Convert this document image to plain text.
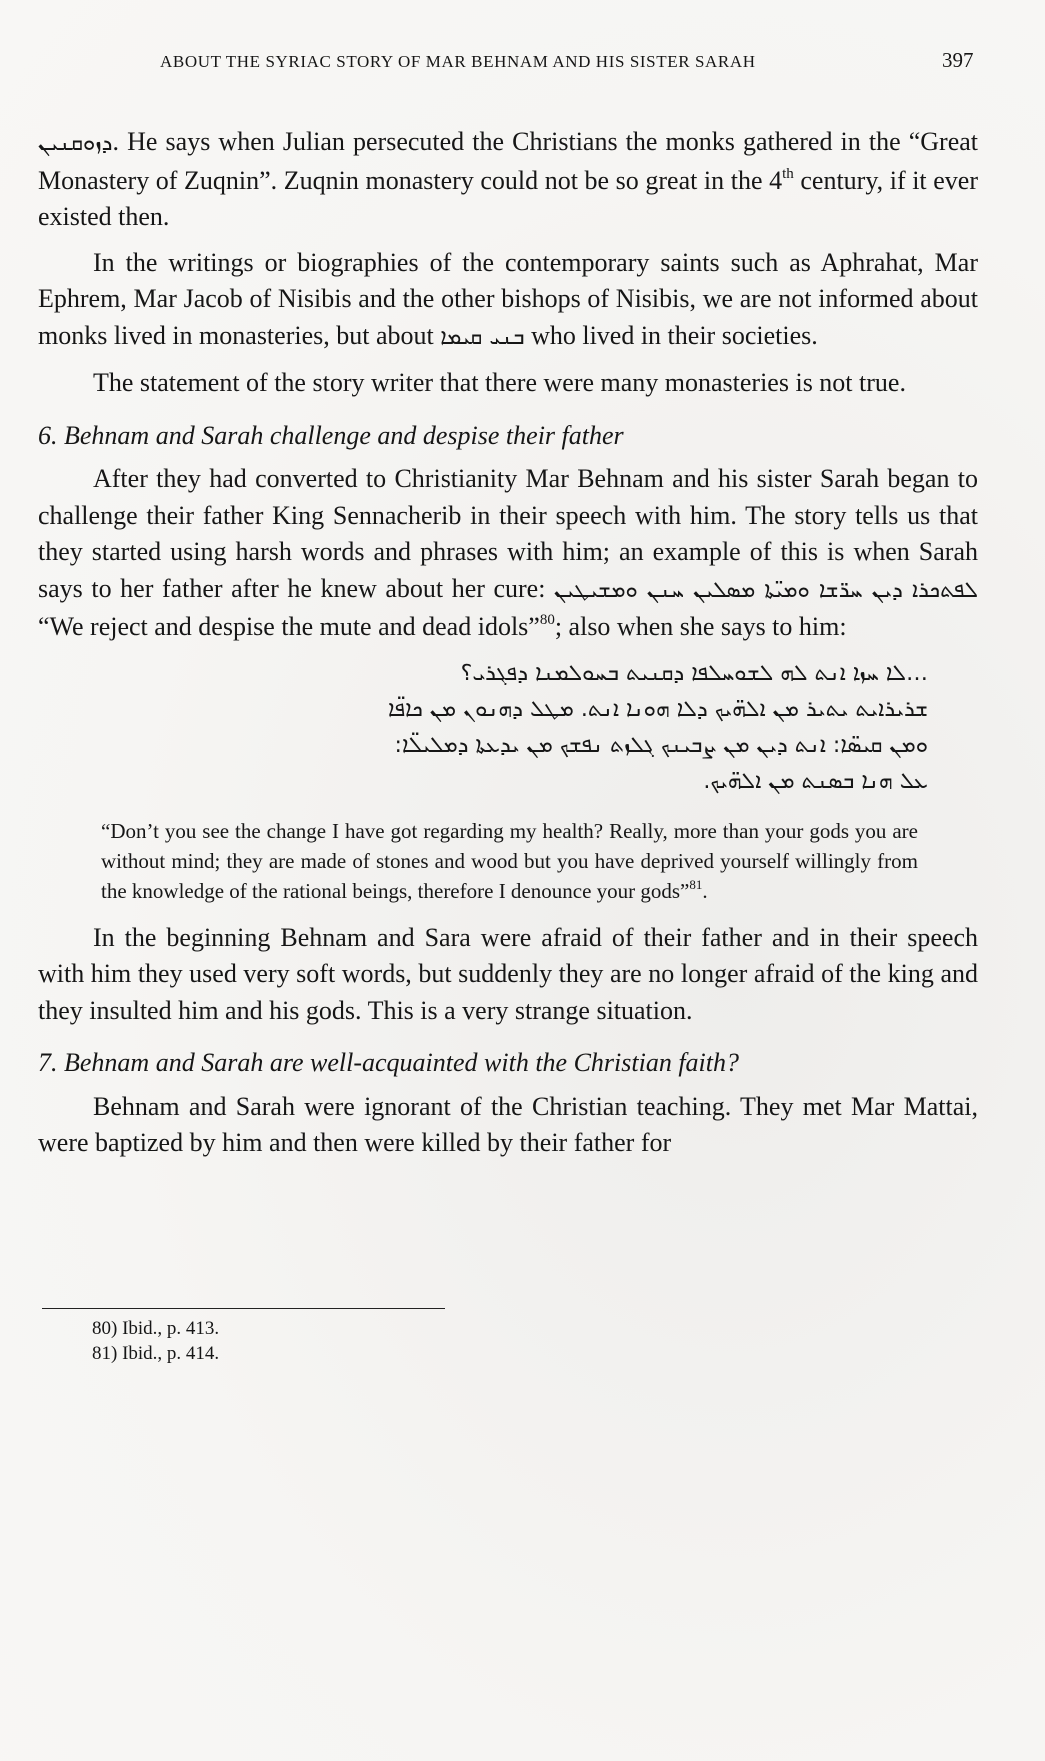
ABOUT THE SYRIAC STORY OF MAR BEHNAM AND HIS SISTER SARAH	397

ܕܙܘܩܢܝܢ. He says when Julian persecuted the Christians the monks gathered in the “Great Monastery of Zuqnin”. Zuqnin monastery could not be so great in the 4th century, if it ever existed then.

In the writings or biographies of the contemporary saints such as Aphrahat, Mar Ephrem, Mar Jacob of Nisibis and the other bishops of Nisibis, we are not informed about monks lived in monasteries, but about ܒܢܝ ܩܝܡܐ who lived in their societies.

The statement of the story writer that there were many monasteries is not true.

6. Behnam and Sarah challenge and despise their father

After they had converted to Christianity Mar Behnam and his sister Sarah began to challenge their father King Sennacherib in their speech with him. The story tells us that they started using harsh words and phrases with him; an example of this is when Sarah says to her father after he knew about her cure: ܠܦܬܟܪܐ ܕܝܢ ܚܪ̈ܫܐ ܘܡܝ̈ܬܐ ܡܣܠܝܢ ܚܢܢ ܘܡܫܝܛܝܢ “We reject and despise the mute and dead idols”$^{80}$; also when she says to him:

…ܠܐ ܚܙܐ ܐܢܬ ܠܗ ܠܫܘܚܠܦܐ ܕܩܢܝܬ ܒܚܘܠܡܢܐ ܕܦܓܪܝ؟
ܫܪܝܪܐܝܬ ܝܬܝܪ ܡܢ ܐܠܗ̈ܝܟ ܕܠܐ ܗܘܢܐ ܐܢܬ. ܡܛܠ ܕܗܢܘܢ ܡܢ ܟܐܦ̈ܐ
ܘܡܢ ܩܝܣ̈ܐ: ܐܢܬ ܕܝܢ ܡܢ ܨܒܝܢܟ ܓܠܙܬ ܢܦܫܟ ܡܢ ܝܕܥܬܐ ܕܡܠܝܠ̈ܐ:
ܥܠ ܗܢܐ ܒܣܢܬ ܡܢ ܐܠܗ̈ܝܟ.

“Don’t you see the change I have got regarding my health? Really, more than your gods you are without mind; they are made of stones and wood but you have deprived yourself willingly from the knowledge of the rational beings, therefore I denounce your gods”$^{81}$.

In the beginning Behnam and Sara were afraid of their father and in their speech with him they used very soft words, but suddenly they are no longer afraid of the king and they insulted him and his gods. This is a very strange situation.

7. Behnam and Sarah are well-acquainted with the Christian faith?

Behnam and Sarah were ignorant of the Christian teaching. They met Mar Mattai, were baptized by him and then were killed by their father for

80) Ibid., p. 413.
81) Ibid., p. 414.
